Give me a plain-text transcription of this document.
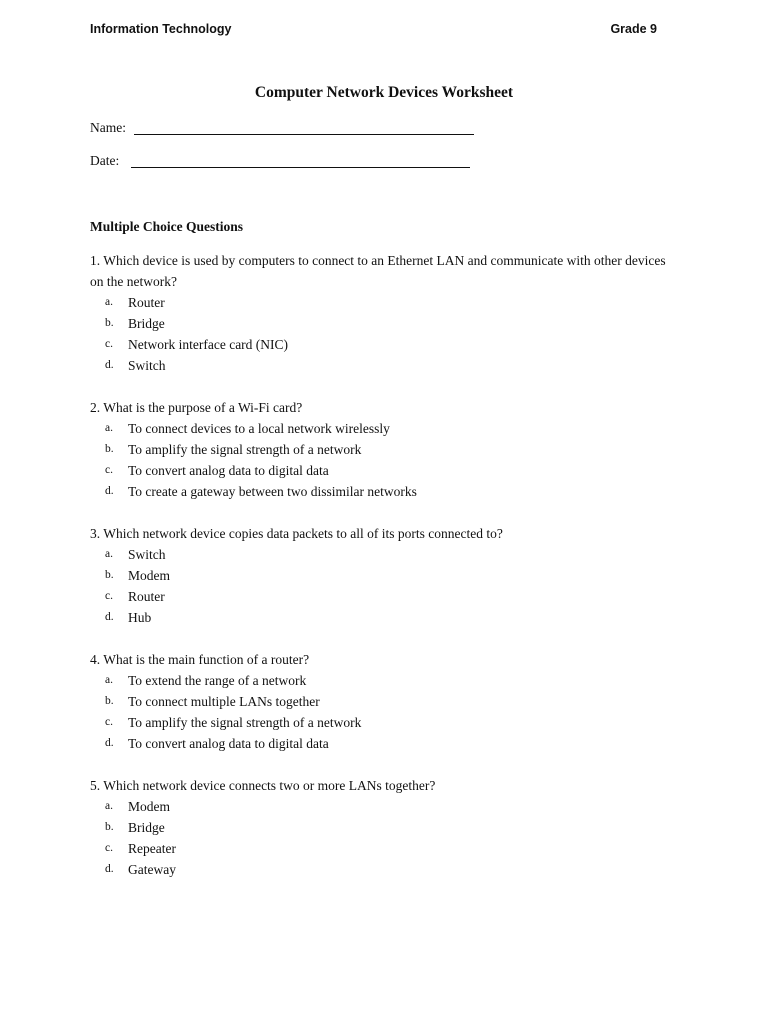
Information Technology	Grade 9
Computer Network Devices Worksheet
Name:
Date:
Multiple Choice Questions
1. Which device is used by computers to connect to an Ethernet LAN and communicate with other devices on the network?
a. Router
b. Bridge
c. Network interface card (NIC)
d. Switch
2. What is the purpose of a Wi-Fi card?
a. To connect devices to a local network wirelessly
b. To amplify the signal strength of a network
c. To convert analog data to digital data
d. To create a gateway between two dissimilar networks
3. Which network device copies data packets to all of its ports connected to?
a. Switch
b. Modem
c. Router
d. Hub
4. What is the main function of a router?
a. To extend the range of a network
b. To connect multiple LANs together
c. To amplify the signal strength of a network
d. To convert analog data to digital data
5. Which network device connects two or more LANs together?
a. Modem
b. Bridge
c. Repeater
d. Gateway
